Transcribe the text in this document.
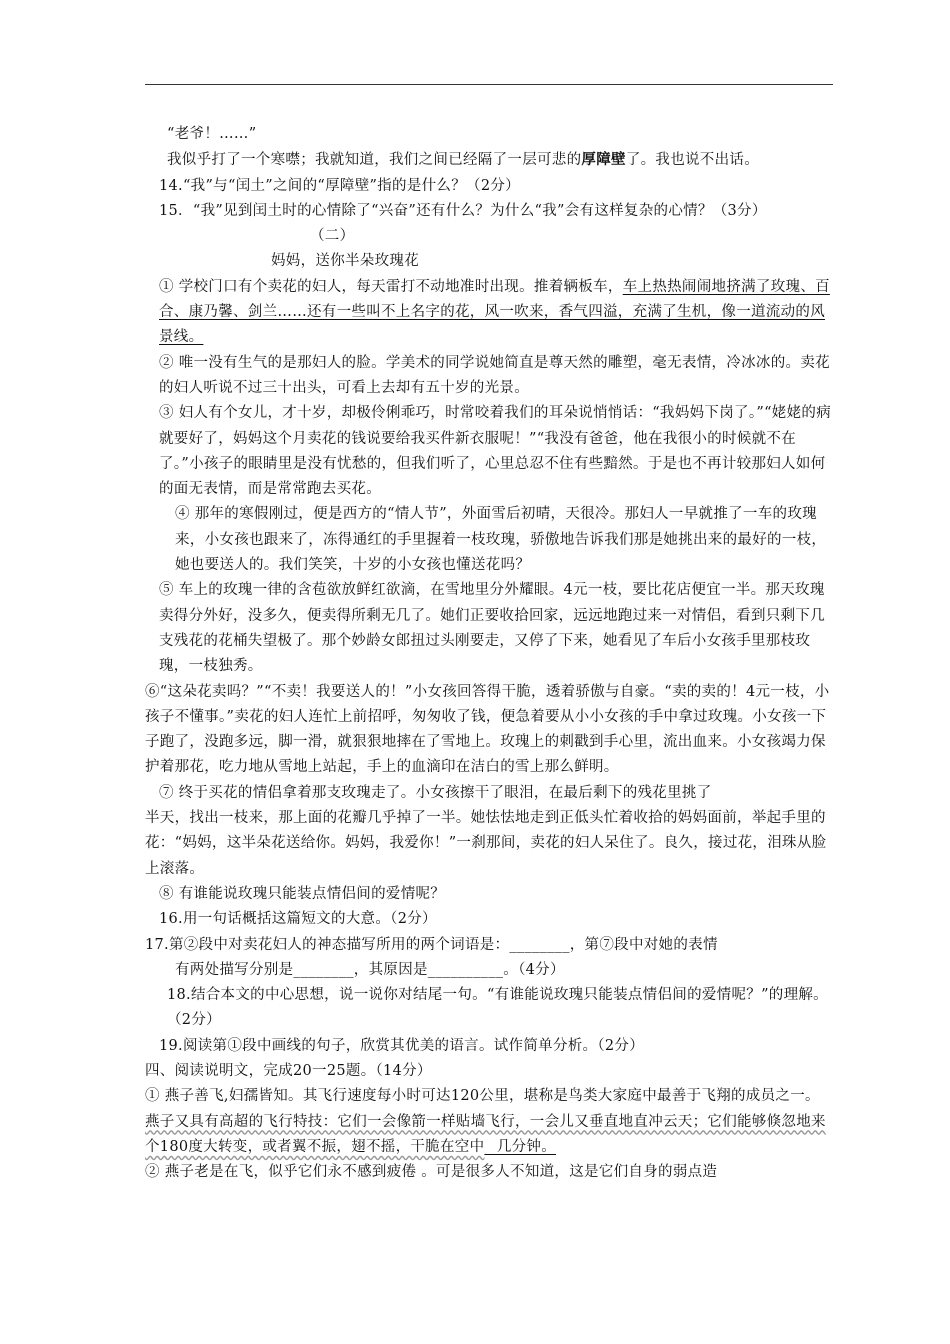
“老爷！……”

我似乎打了一个寒噤；我就知道，我们之间已经隔了一层可悲的厚障壁了。我也说不出话。

14.“我”与“闰土”之间的“厚障壁”指的是什么？（2分）

15．“我”见到闰土时的心情除了“兴奋”还有什么？为什么“我”会有这样复杂的心情？（3分）

（二）

妈妈，送你半朵玫瑰花

① 学校门口有个卖花的妇人，每天雷打不动地准时出现。推着辆板车，车上热热闹闹地挤满了玫瑰、百合、康乃馨、剑兰……还有一些叫不上名字的花，风一吹来，香气四溢，充满了生机，像一道流动的风景线。

② 唯一没有生气的是那妇人的脸。学美术的同学说她简直是尊天然的雕塑，毫无表情，冷冰冰的。卖花的妇人听说不过三十出头，可看上去却有五十岁的光景。

③ 妇人有个女儿，才十岁，却极伶俐乖巧，时常咬着我们的耳朵说悄悄话：“我妈妈下岗了。”“姥姥的病就要好了，妈妈这个月卖花的钱说要给我买件新衣服呢！”“我没有爸爸，他在我很小的时候就不在了。”小孩子的眼睛里是没有忧愁的，但我们听了，心里总忍不住有些黯然。于是也不再计较那妇人如何的面无表情，而是常常跑去买花。

④ 那年的寒假刚过，便是西方的“情人节”，外面雪后初晴，天很冷。那妇人一早就推了一车的玫瑰来，小女孩也跟来了，冻得通红的手里握着一枝玫瑰，骄傲地告诉我们那是她挑出来的最好的一枝，她也要送人的。我们笑笑，十岁的小女孩也懂送花吗？

⑤ 车上的玫瑰一律的含苞欲放鲜红欲滴，在雪地里分外耀眼。4元一枝，要比花店便宜一半。那天玫瑰卖得分外好，没多久，便卖得所剩无几了。她们正要收拾回家，远远地跑过来一对情侣，看到只剩下几支残花的花桶失望极了。那个妙龄女郎扭过头刚要走，又停了下来，她看见了车后小女孩手里那枝玫瑰，一枝独秀。

⑥“这朵花卖吗？”“不卖！我要送人的！”小女孩回答得干脆，透着骄傲与自豪。“卖的卖的！4元一枝，小孩子不懂事。”卖花的妇人连忙上前招呼，匆匆收了钱，便急着要从小小女孩的手中拿过玫瑰。小女孩一下子跑了，没跑多远，脚一滑，就狠狠地摔在了雪地上。玫瑰上的刺戳到手心里，流出血来。小女孩竭力保护着那花，吃力地从雪地上站起，手上的血滴印在洁白的雪上那么鲜明。

⑦ 终于买花的情侣拿着那支玫瑰走了。小女孩擦干了眼泪，在最后剩下的残花里挑了

半天，找出一枝来，那上面的花瓣几乎掉了一半。她怯怯地走到正低头忙着收拾的妈妈面前，举起手里的花：“妈妈，这半朵花送给你。妈妈，我爱你！”一刹那间，卖花的妇人呆住了。良久，接过花，泪珠从脸上滚落。

⑧ 有谁能说玫瑰只能装点情侣间的爱情呢？

16.用一句话概括这篇短文的大意。（2分）

17.第②段中对卖花妇人的神态描写所用的两个词语是：________，第⑦段中对她的表情

有两处描写分别是________，其原因是__________。（4分）

18.结合本文的中心思想，说一说你对结尾一句。“有谁能说玫瑰只能装点情侣间的爱情呢？”的理解。（2分）

19.阅读第①段中画线的句子，欣赏其优美的语言。试作简单分析。（2分）

四、阅读说明文，完成20一25题。（14分）

① 燕子善飞,妇孺皆知。其飞行速度每小时可达120公里，堪称是鸟类大家庭中最善于飞翔的成员之一。燕子又具有高超的飞行特技：它们一会像箭一样贴墙飞行，一会儿又垂直地直冲云天；它们能够倏忽地来个180度大转变，或者翼不振，翅不摇，干脆在空中 _几分钟。

② 燕子老是在飞，似乎它们永不感到疲倦 。可是很多人不知道，这是它们自身的弱点造
